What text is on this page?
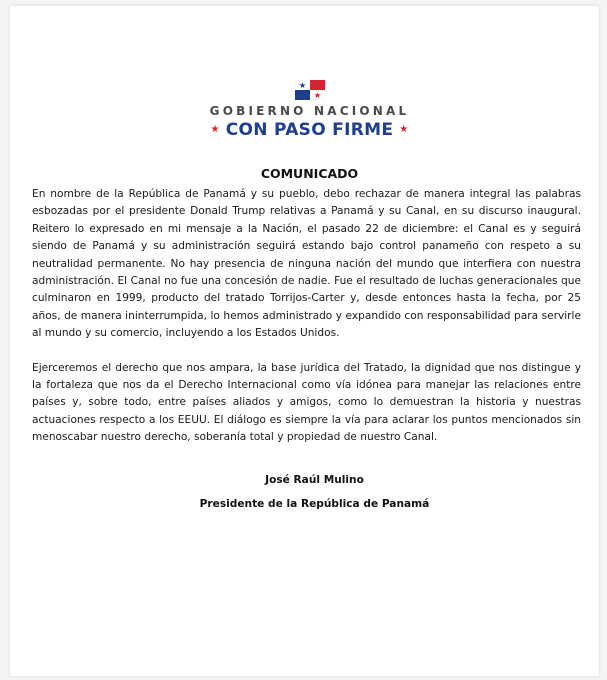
GOBIERNO NACIONAL
★ CON PASO FIRME ★
COMUNICADO

En nombre de la República de Panamá y su pueblo, debo rechazar de manera integral las palabras esbozadas por el presidente Donald Trump relativas a Panamá y su Canal, en su discurso inaugural. Reitero lo expresado en mi mensaje a la Nación, el pasado 22 de diciembre: el Canal es y seguirá siendo de Panamá y su administración seguirá estando bajo control panameño con respeto a su neutralidad permanente. No hay presencia de ninguna nación del mundo que interfiera con nuestra administración. El Canal no fue una concesión de nadie. Fue el resultado de luchas generacionales que culminaron en 1999, producto del tratado Torrijos-Carter y, desde entonces hasta la fecha, por 25 años, de manera ininterrumpida, lo hemos administrado y expandido con responsabilidad para servirle al mundo y su comercio, incluyendo a los Estados Unidos.

Ejerceremos el derecho que nos ampara, la base jurídica del Tratado, la dignidad que nos distingue y la fortaleza que nos da el Derecho Internacional como vía idónea para manejar las relaciones entre países y, sobre todo, entre países aliados y amigos, como lo demuestran la historia y nuestras actuaciones respecto a los EEUU. El diálogo es siempre la vía para aclarar los puntos mencionados sin menoscabar nuestro derecho, soberanía total y propiedad de nuestro Canal.

José Raúl Mulino
Presidente de la República de Panamá
